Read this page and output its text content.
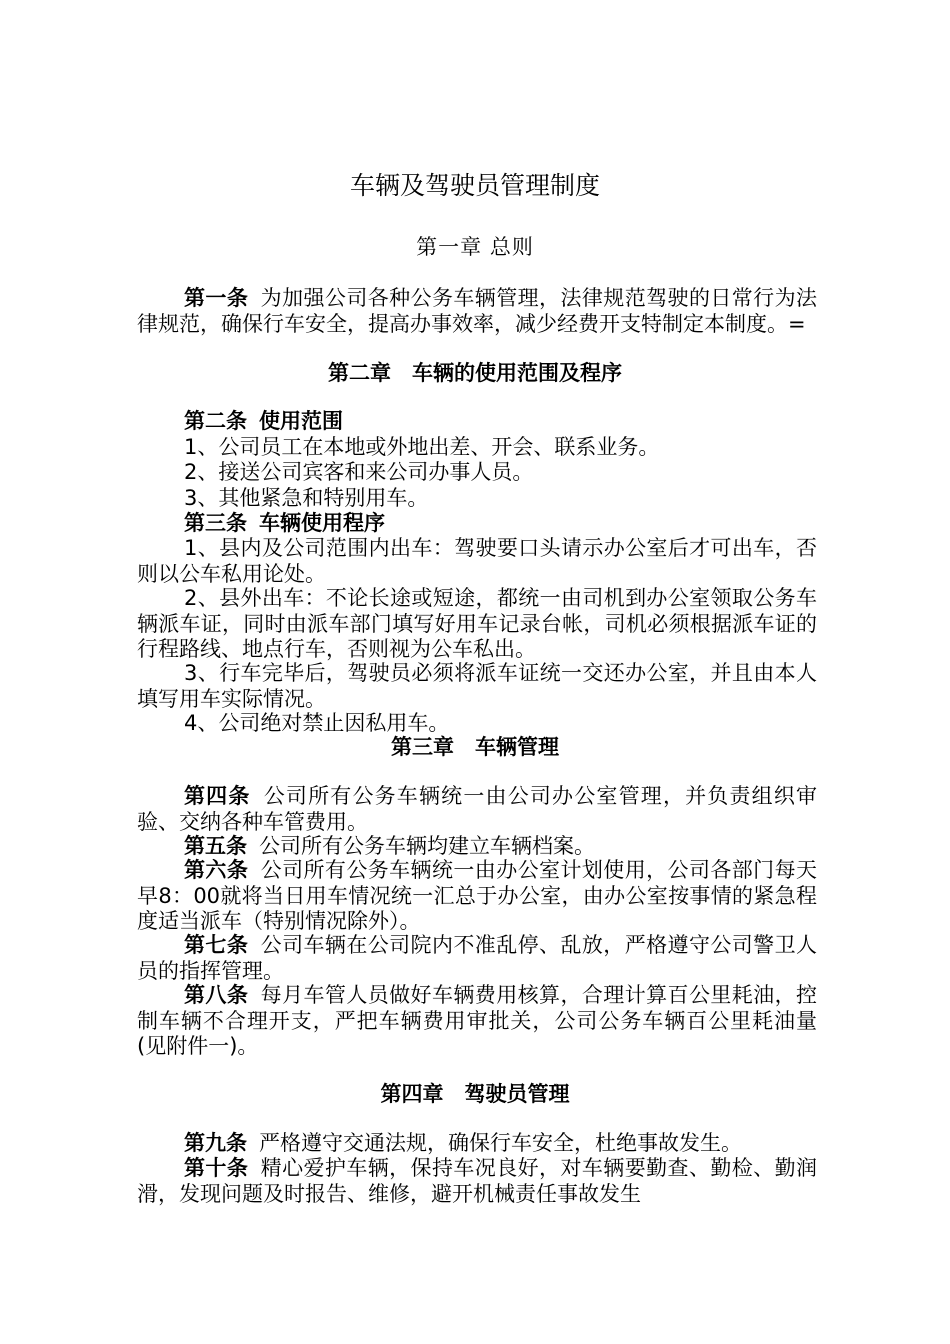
车辆及驾驶员管理制度
第一章 总则

第一条 为加强公司各种公务车辆管理，法律规范驾驶的日常行为法律规范，确保行车安全，提高办事效率，减少经费开支特制定本制度。=

第二章　车辆的使用范围及程序

第二条 使用范围

1、公司员工在本地或外地出差、开会、联系业务。

2、接送公司宾客和来公司办事人员。

3、其他紧急和特别用车。

第三条 车辆使用程序

1、县内及公司范围内出车：驾驶要口头请示办公室后才可出车，否则以公车私用论处。

2、县外出车：不论长途或短途，都统一由司机到办公室领取公务车辆派车证，同时由派车部门填写好用车记录台帐，司机必须根据派车证的行程路线、地点行车，否则视为公车私出。

3、行车完毕后，驾驶员必须将派车证统一交还办公室，并且由本人填写用车实际情况。

4、公司绝对禁止因私用车。

第三章　车辆管理

第四条 公司所有公务车辆统一由公司办公室管理，并负责组织审验、交纳各种车管费用。

第五条 公司所有公务车辆均建立车辆档案。

第六条 公司所有公务车辆统一由办公室计划使用，公司各部门每天早8：00就将当日用车情况统一汇总于办公室，由办公室按事情的紧急程度适当派车（特别情况除外）。

第七条 公司车辆在公司院内不准乱停、乱放，严格遵守公司警卫人员的指挥管理。

第八条 每月车管人员做好车辆费用核算，合理计算百公里耗油，控制车辆不合理开支，严把车辆费用审批关，公司公务车辆百公里耗油量(见附件一)。

第四章　驾驶员管理

第九条 严格遵守交通法规，确保行车安全，杜绝事故发生。

第十条 精心爱护车辆，保持车况良好，对车辆要勤查、勤检、勤润滑，发现问题及时报告、维修，避开机械责任事故发生
